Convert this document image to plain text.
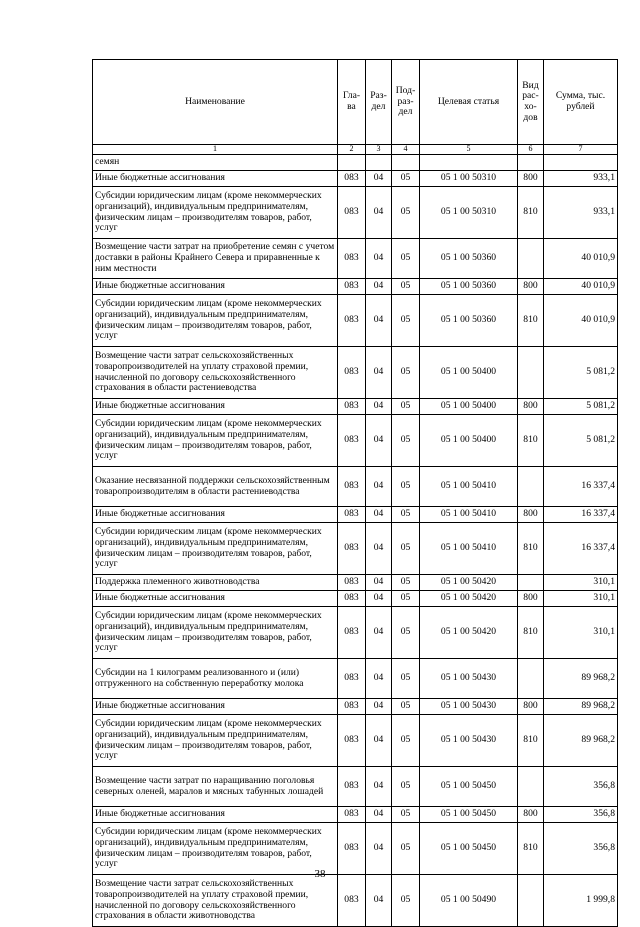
Наименование	Гла-ва	Раз-дел	Под-раз-дел	Целевая статья	Вид рас-хо-дов	Сумма, тыс. рублей
1	2	3	4	5	6	7
семян						
Иные бюджетные ассигнования	083	04	05	05 1 00 50310	800	933,1
Субсидии юридическим лицам (кроме некоммерческих организаций), индивидуальным предпринимателям, физическим лицам – производителям товаров, работ, услуг	083	04	05	05 1 00 50310	810	933,1
Возмещение части затрат на приобретение семян с учетом доставки в районы Крайнего Севера и приравненные к ним местности	083	04	05	05 1 00 50360		40 010,9
Иные бюджетные ассигнования	083	04	05	05 1 00 50360	800	40 010,9
Субсидии юридическим лицам (кроме некоммерческих организаций), индивидуальным предпринимателям, физическим лицам – производителям товаров, работ, услуг	083	04	05	05 1 00 50360	810	40 010,9
Возмещение части затрат сельскохозяйственных товаропроизводителей на уплату страховой премии, начисленной по договору сельскохозяйственного страхования в области растениеводства	083	04	05	05 1 00 50400		5 081,2
Иные бюджетные ассигнования	083	04	05	05 1 00 50400	800	5 081,2
Субсидии юридическим лицам (кроме некоммерческих организаций), индивидуальным предпринимателям, физическим лицам – производителям товаров, работ, услуг	083	04	05	05 1 00 50400	810	5 081,2
Оказание несвязанной поддержки сельскохозяйственным товаропроизводителям в области растениеводства	083	04	05	05 1 00 50410		16 337,4
Иные бюджетные ассигнования	083	04	05	05 1 00 50410	800	16 337,4
Субсидии юридическим лицам (кроме некоммерческих организаций), индивидуальным предпринимателям, физическим лицам – производителям товаров, работ, услуг	083	04	05	05 1 00 50410	810	16 337,4
Поддержка племенного животноводства	083	04	05	05 1 00 50420		310,1
Иные бюджетные ассигнования	083	04	05	05 1 00 50420	800	310,1
Субсидии юридическим лицам (кроме некоммерческих организаций), индивидуальным предпринимателям, физическим лицам – производителям товаров, работ, услуг	083	04	05	05 1 00 50420	810	310,1
Субсидии на 1 килограмм реализованного и (или) отгруженного на собственную переработку молока	083	04	05	05 1 00 50430		89 968,2
Иные бюджетные ассигнования	083	04	05	05 1 00 50430	800	89 968,2
Субсидии юридическим лицам (кроме некоммерческих организаций), индивидуальным предпринимателям, физическим лицам – производителям товаров, работ, услуг	083	04	05	05 1 00 50430	810	89 968,2
Возмещение части затрат по наращиванию поголовья северных оленей, маралов и мясных табунных лошадей	083	04	05	05 1 00 50450		356,8
Иные бюджетные ассигнования	083	04	05	05 1 00 50450	800	356,8
Субсидии юридическим лицам (кроме некоммерческих организаций), индивидуальным предпринимателям, физическим лицам – производителям товаров, работ, услуг	083	04	05	05 1 00 50450	810	356,8
Возмещение части затрат сельскохозяйственных товаропроизводителей на уплату страховой премии, начисленной по договору сельскохозяйственного страхования в области животноводства	083	04	05	05 1 00 50490		1 999,8
38
